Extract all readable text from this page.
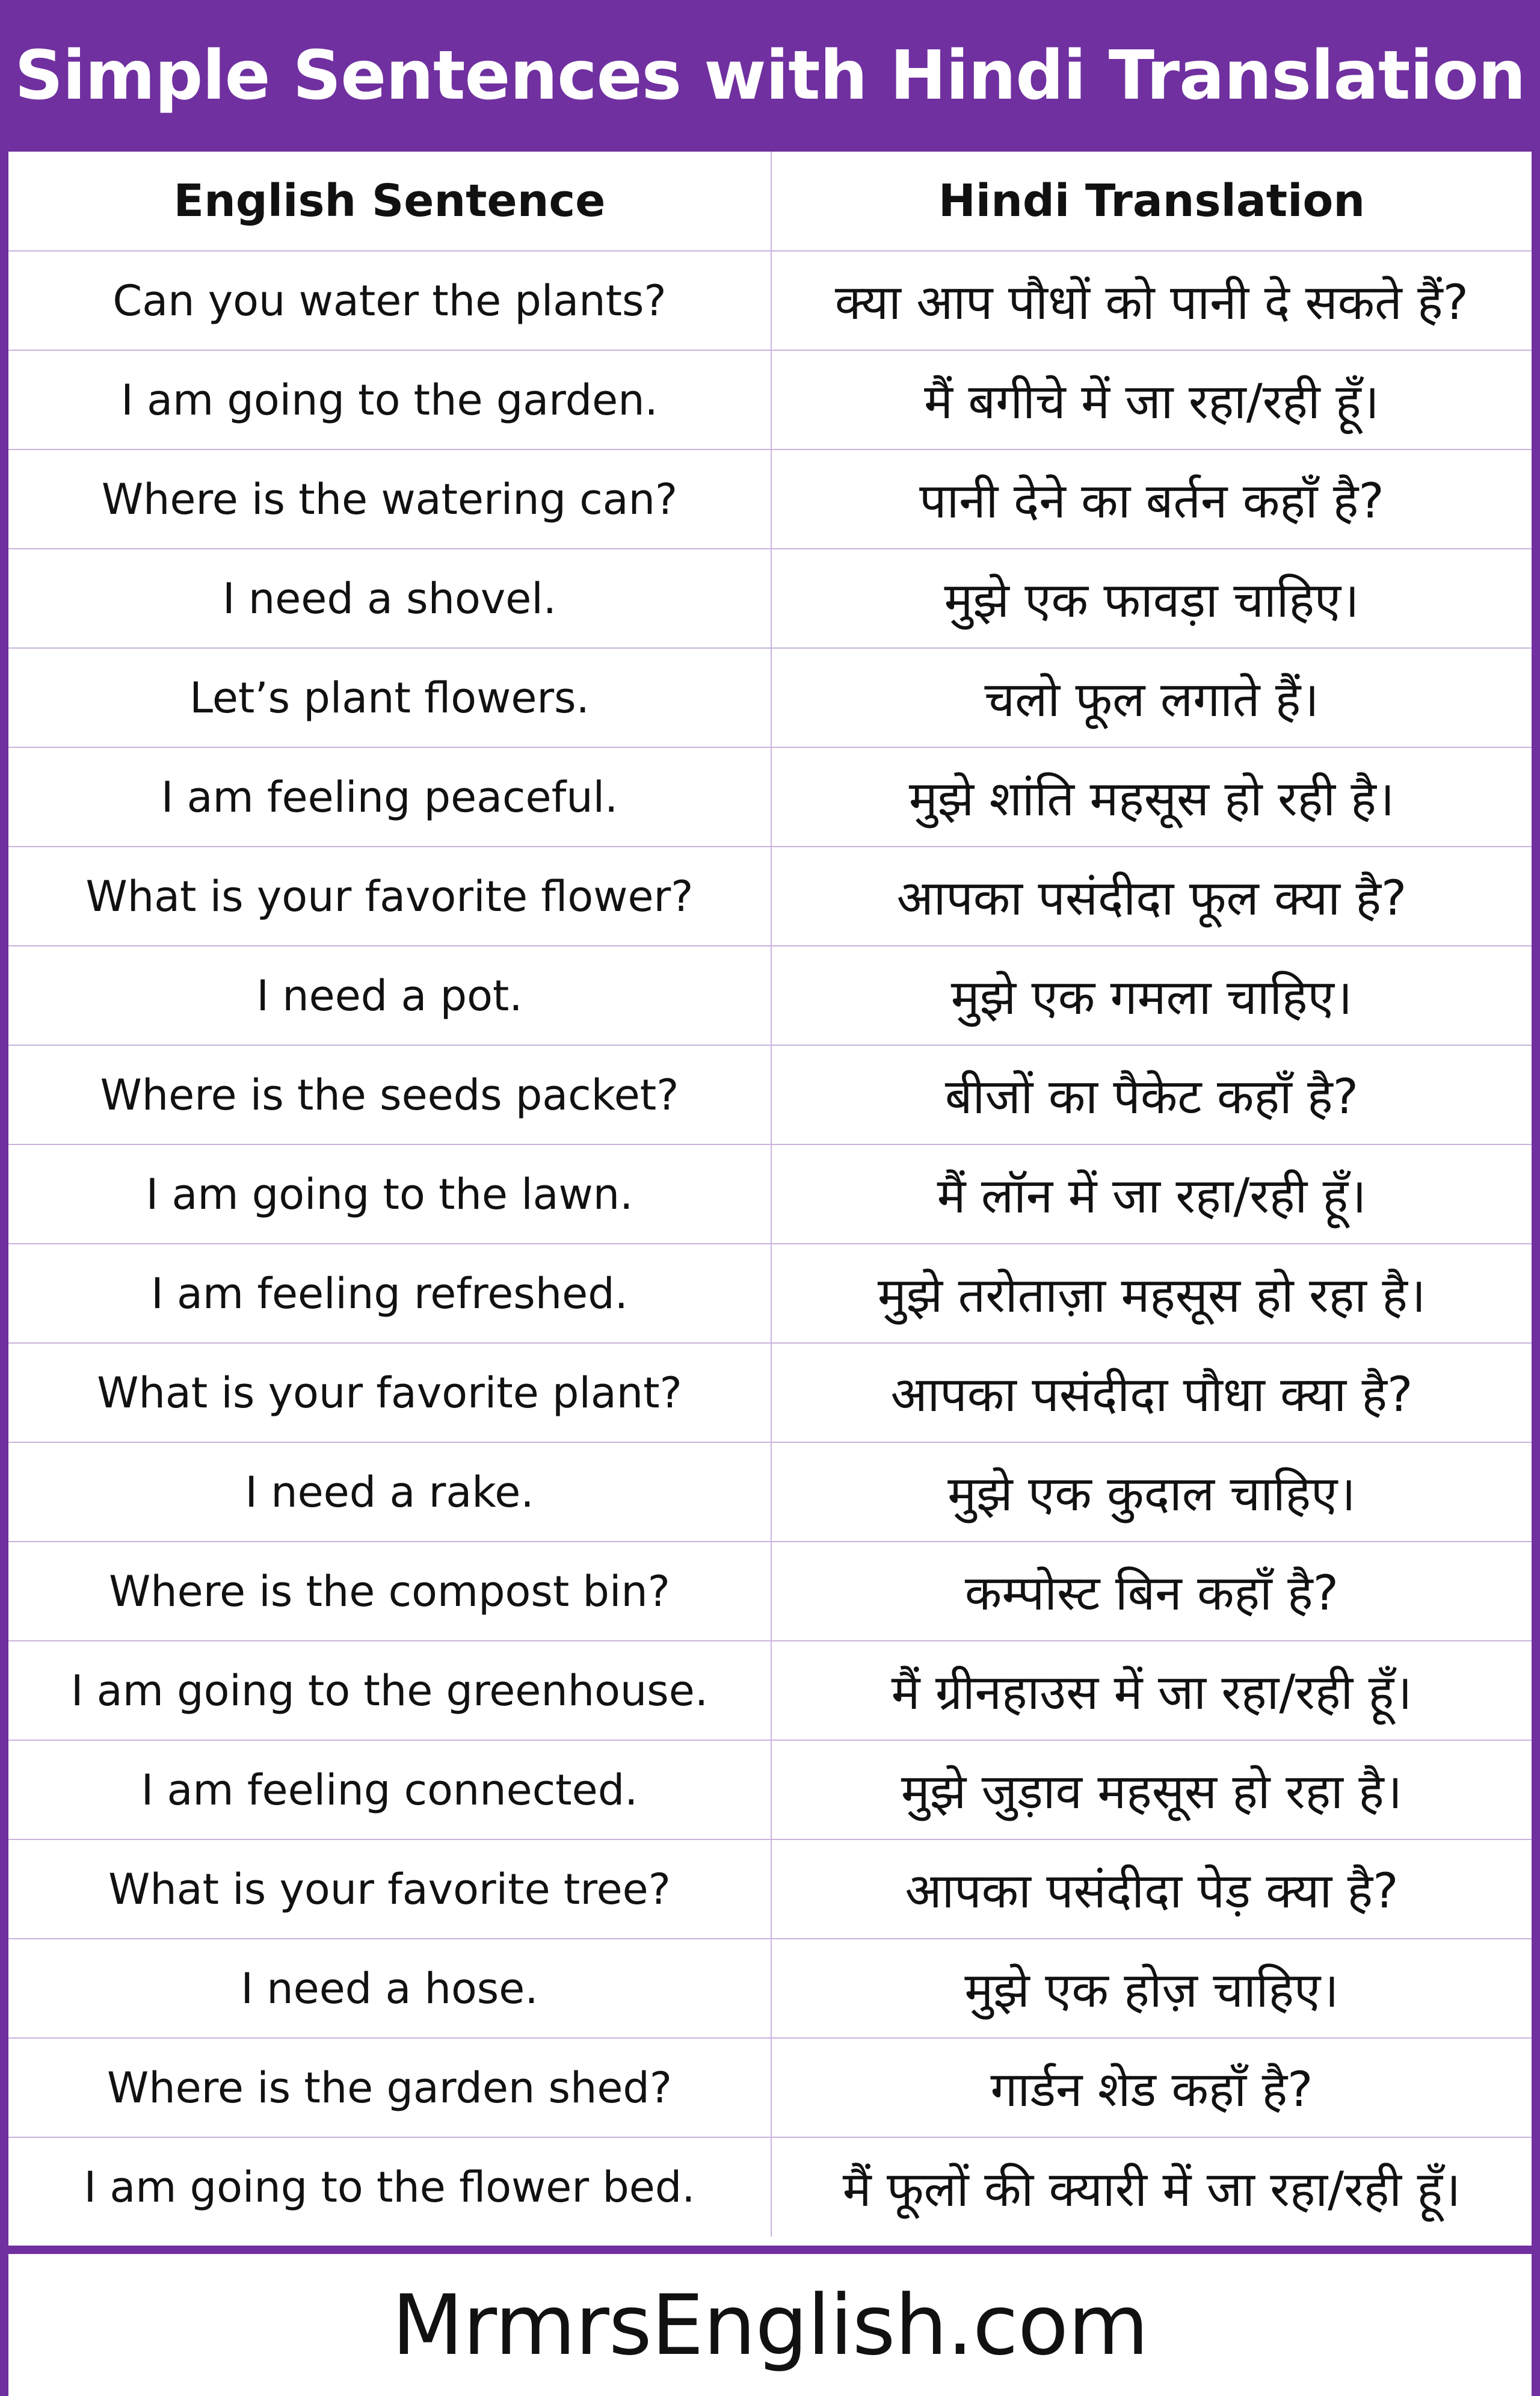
Simple Sentences with Hindi Translation
English Sentence	Hindi Translation
Can you water the plants?	क्या आप पौधों को पानी दे सकते हैं?
I am going to the garden.	मैं बगीचे में जा रहा/रही हूँ।
Where is the watering can?	पानी देने का बर्तन कहाँ है?
I need a shovel.	मुझे एक फावड़ा चाहिए।
Let’s plant flowers.	चलो फूल लगाते हैं।
I am feeling peaceful.	मुझे शांति महसूस हो रही है।
What is your favorite flower?	आपका पसंदीदा फूल क्या है?
I need a pot.	मुझे एक गमला चाहिए।
Where is the seeds packet?	बीजों का पैकेट कहाँ है?
I am going to the lawn.	मैं लॉन में जा रहा/रही हूँ।
I am feeling refreshed.	मुझे तरोताज़ा महसूस हो रहा है।
What is your favorite plant?	आपका पसंदीदा पौधा क्या है?
I need a rake.	मुझे एक कुदाल चाहिए।
Where is the compost bin?	कम्पोस्ट बिन कहाँ है?
I am going to the greenhouse.	मैं ग्रीनहाउस में जा रहा/रही हूँ।
I am feeling connected.	मुझे जुड़ाव महसूस हो रहा है।
What is your favorite tree?	आपका पसंदीदा पेड़ क्या है?
I need a hose.	मुझे एक होज़ चाहिए।
Where is the garden shed?	गार्डन शेड कहाँ है?
I am going to the flower bed.	मैं फूलों की क्यारी में जा रहा/रही हूँ।
MrmrsEnglish.com
